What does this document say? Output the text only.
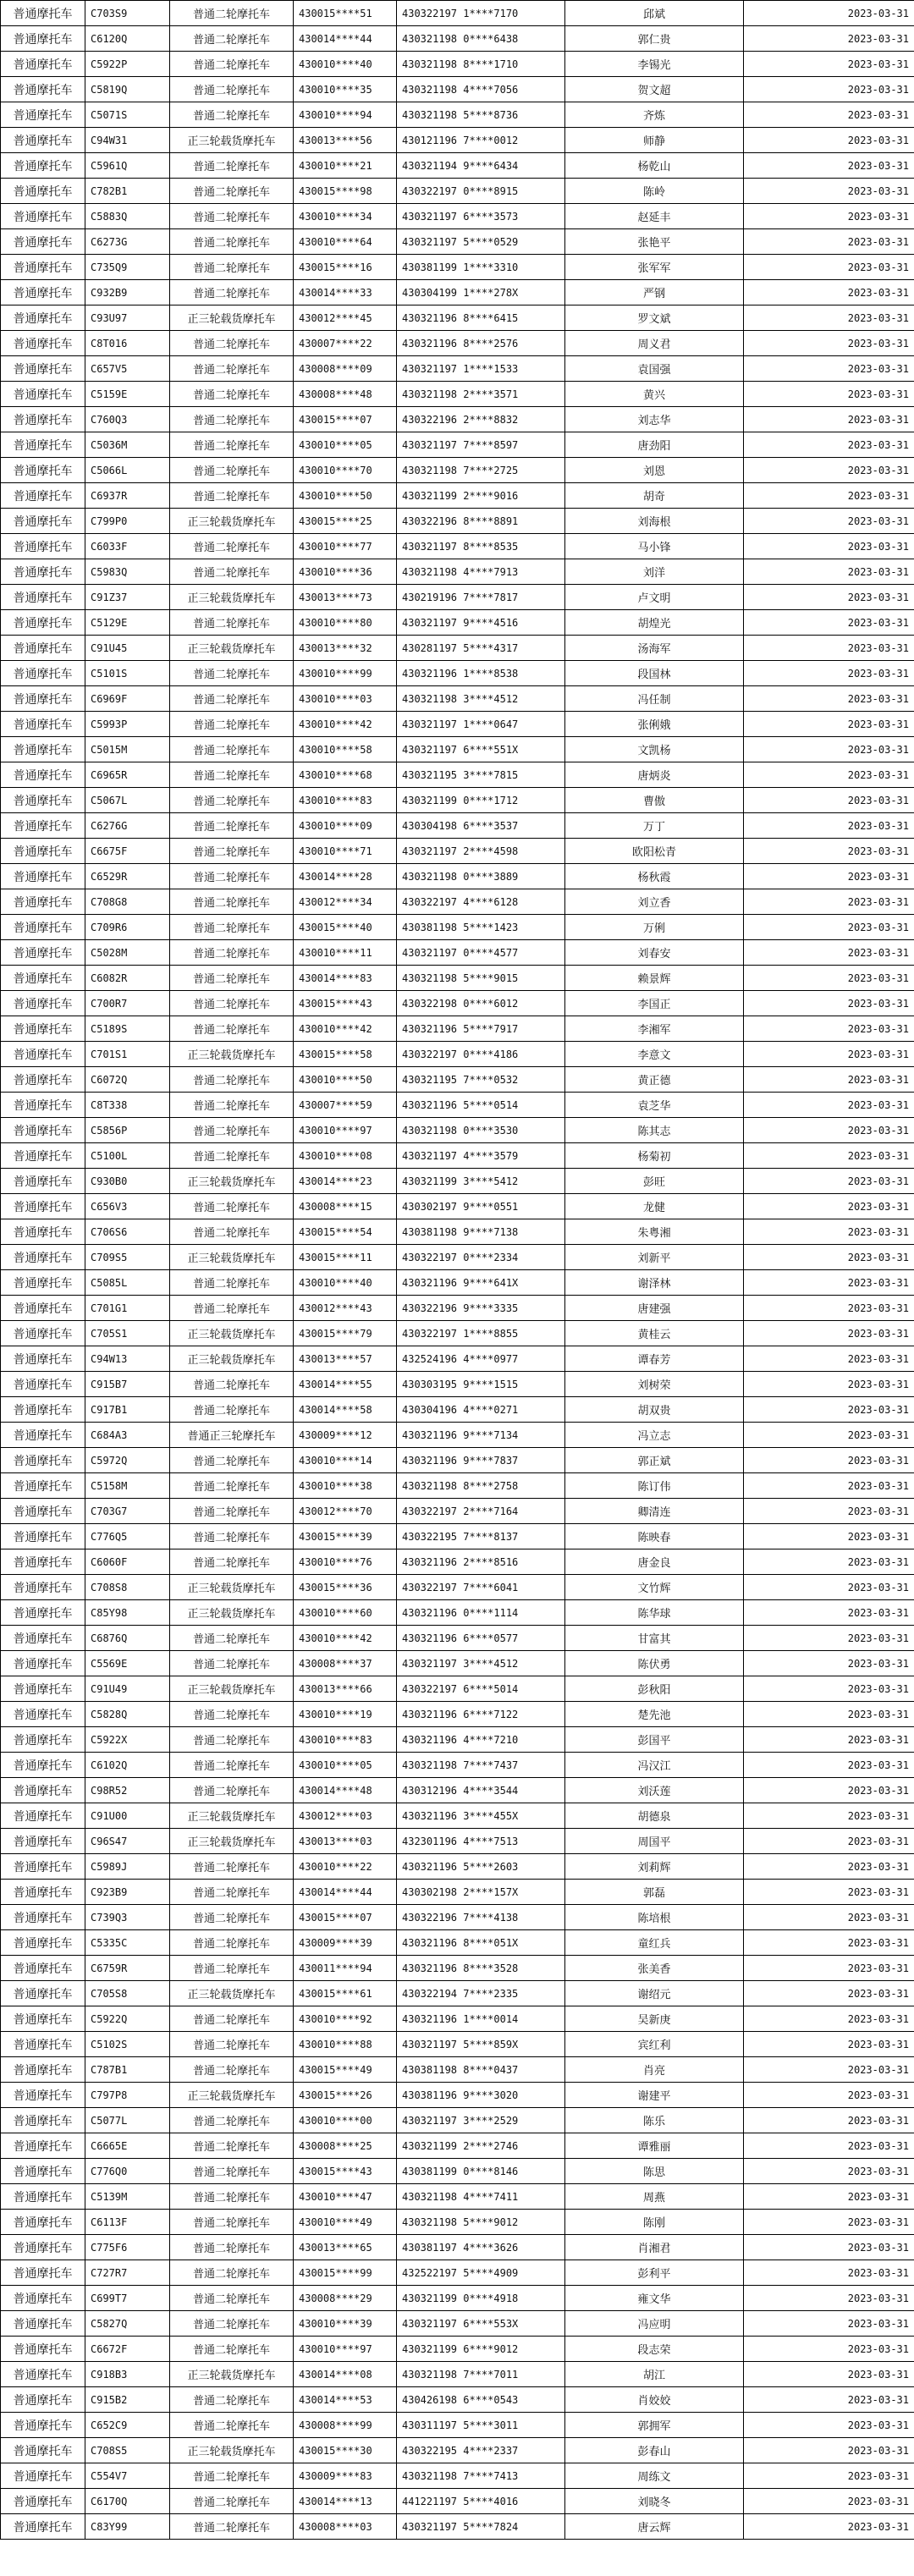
普通摩托车	C703S9	普通二轮摩托车	430015****51	430322197 1****7170	邱斌	2023-03-31
普通摩托车	C6120Q	普通二轮摩托车	430014****44	430321198 0****6438	郭仁贵	2023-03-31
普通摩托车	C5922P	普通二轮摩托车	430010****40	430321198 8****1710	李锡光	2023-03-31
普通摩托车	C5819Q	普通二轮摩托车	430010****35	430321198 4****7056	贺文超	2023-03-31
普通摩托车	C5071S	普通二轮摩托车	430010****94	430321198 5****8736	齐炼	2023-03-31
普通摩托车	C94W31	正三轮载货摩托车	430013****56	430121196 7****0012	师静	2023-03-31
普通摩托车	C5961Q	普通二轮摩托车	430010****21	430321194 9****6434	杨乾山	2023-03-31
普通摩托车	C782B1	普通二轮摩托车	430015****98	430322197 0****8915	陈岭	2023-03-31
普通摩托车	C5883Q	普通二轮摩托车	430010****34	430321197 6****3573	赵延丰	2023-03-31
普通摩托车	C6273G	普通二轮摩托车	430010****64	430321197 5****0529	张艳平	2023-03-31
普通摩托车	C735Q9	普通二轮摩托车	430015****16	430381199 1****3310	张军军	2023-03-31
普通摩托车	C932B9	普通二轮摩托车	430014****33	430304199 1****278X	严钢	2023-03-31
普通摩托车	C93U97	正三轮载货摩托车	430012****45	430321196 8****6415	罗文斌	2023-03-31
普通摩托车	C8T016	普通二轮摩托车	430007****22	430321196 8****2576	周义君	2023-03-31
普通摩托车	C657V5	普通二轮摩托车	430008****09	430321197 1****1533	袁国强	2023-03-31
普通摩托车	C5159E	普通二轮摩托车	430008****48	430321198 2****3571	黄兴	2023-03-31
普通摩托车	C760Q3	普通二轮摩托车	430015****07	430322196 2****8832	刘志华	2023-03-31
普通摩托车	C5036M	普通二轮摩托车	430010****05	430321197 7****8597	唐劲阳	2023-03-31
普通摩托车	C5066L	普通二轮摩托车	430010****70	430321198 7****2725	刘恩	2023-03-31
普通摩托车	C6937R	普通二轮摩托车	430010****50	430321199 2****9016	胡奇	2023-03-31
普通摩托车	C799P0	正三轮载货摩托车	430015****25	430322196 8****8891	刘海根	2023-03-31
普通摩托车	C6033F	普通二轮摩托车	430010****77	430321197 8****8535	马小锋	2023-03-31
普通摩托车	C5983Q	普通二轮摩托车	430010****36	430321198 4****7913	刘洋	2023-03-31
普通摩托车	C91Z37	正三轮载货摩托车	430013****73	430219196 7****7817	卢文明	2023-03-31
普通摩托车	C5129E	普通二轮摩托车	430010****80	430321197 9****4516	胡煌光	2023-03-31
普通摩托车	C91U45	正三轮载货摩托车	430013****32	430281197 5****4317	汤海军	2023-03-31
普通摩托车	C5101S	普通二轮摩托车	430010****99	430321196 1****8538	段国林	2023-03-31
普通摩托车	C6969F	普通二轮摩托车	430010****03	430321198 3****4512	冯任制	2023-03-31
普通摩托车	C5993P	普通二轮摩托车	430010****42	430321197 1****0647	张俐娥	2023-03-31
普通摩托车	C5015M	普通二轮摩托车	430010****58	430321197 6****551X	文凯杨	2023-03-31
普通摩托车	C6965R	普通二轮摩托车	430010****68	430321195 3****7815	唐炳炎	2023-03-31
普通摩托车	C5067L	普通二轮摩托车	430010****83	430321199 0****1712	曹傲	2023-03-31
普通摩托车	C6276G	普通二轮摩托车	430010****09	430304198 6****3537	万丁	2023-03-31
普通摩托车	C6675F	普通二轮摩托车	430010****71	430321197 2****4598	欧阳松青	2023-03-31
普通摩托车	C6529R	普通二轮摩托车	430014****28	430321198 0****3889	杨秋霞	2023-03-31
普通摩托车	C708G8	普通二轮摩托车	430012****34	430322197 4****6128	刘立香	2023-03-31
普通摩托车	C709R6	普通二轮摩托车	430015****40	430381198 5****1423	万俐	2023-03-31
普通摩托车	C5028M	普通二轮摩托车	430010****11	430321197 0****4577	刘春安	2023-03-31
普通摩托车	C6082R	普通二轮摩托车	430014****83	430321198 5****9015	赖景辉	2023-03-31
普通摩托车	C700R7	普通二轮摩托车	430015****43	430322198 0****6012	李国正	2023-03-31
普通摩托车	C5189S	普通二轮摩托车	430010****42	430321196 5****7917	李湘军	2023-03-31
普通摩托车	C701S1	正三轮载货摩托车	430015****58	430322197 0****4186	李意文	2023-03-31
普通摩托车	C6072Q	普通二轮摩托车	430010****50	430321195 7****0532	黄正德	2023-03-31
普通摩托车	C8T338	普通二轮摩托车	430007****59	430321196 5****0514	袁芝华	2023-03-31
普通摩托车	C5856P	普通二轮摩托车	430010****97	430321198 0****3530	陈其志	2023-03-31
普通摩托车	C5100L	普通二轮摩托车	430010****08	430321197 4****3579	杨菊初	2023-03-31
普通摩托车	C930B0	正三轮载货摩托车	430014****23	430321199 3****5412	彭旺	2023-03-31
普通摩托车	C656V3	普通二轮摩托车	430008****15	430302197 9****0551	龙健	2023-03-31
普通摩托车	C706S6	普通二轮摩托车	430015****54	430381198 9****7138	朱粤湘	2023-03-31
普通摩托车	C709S5	正三轮载货摩托车	430015****11	430322197 0****2334	刘新平	2023-03-31
普通摩托车	C5085L	普通二轮摩托车	430010****40	430321196 9****641X	谢泽林	2023-03-31
普通摩托车	C701G1	普通二轮摩托车	430012****43	430322196 9****3335	唐建强	2023-03-31
普通摩托车	C705S1	正三轮载货摩托车	430015****79	430322197 1****8855	黄桂云	2023-03-31
普通摩托车	C94W13	正三轮载货摩托车	430013****57	432524196 4****0977	谭春芳	2023-03-31
普通摩托车	C915B7	普通二轮摩托车	430014****55	430303195 9****1515	刘树荣	2023-03-31
普通摩托车	C917B1	普通二轮摩托车	430014****58	430304196 4****0271	胡双贵	2023-03-31
普通摩托车	C684A3	普通正三轮摩托车	430009****12	430321196 9****7134	冯立志	2023-03-31
普通摩托车	C5972Q	普通二轮摩托车	430010****14	430321196 9****7837	郭正斌	2023-03-31
普通摩托车	C5158M	普通二轮摩托车	430010****38	430321198 8****2758	陈订伟	2023-03-31
普通摩托车	C703G7	普通二轮摩托车	430012****70	430322197 2****7164	卿清连	2023-03-31
普通摩托车	C776Q5	普通二轮摩托车	430015****39	430322195 7****8137	陈映春	2023-03-31
普通摩托车	C6060F	普通二轮摩托车	430010****76	430321196 2****8516	唐金良	2023-03-31
普通摩托车	C708S8	正三轮载货摩托车	430015****36	430322197 7****6041	文竹辉	2023-03-31
普通摩托车	C85Y98	正三轮载货摩托车	430010****60	430321196 0****1114	陈华球	2023-03-31
普通摩托车	C6876Q	普通二轮摩托车	430010****42	430321196 6****0577	甘富其	2023-03-31
普通摩托车	C5569E	普通二轮摩托车	430008****37	430321197 3****4512	陈伏勇	2023-03-31
普通摩托车	C91U49	正三轮载货摩托车	430013****66	430322197 6****5014	彭秋阳	2023-03-31
普通摩托车	C5828Q	普通二轮摩托车	430010****19	430321196 6****7122	楚先池	2023-03-31
普通摩托车	C5922X	普通二轮摩托车	430010****83	430321196 4****7210	彭国平	2023-03-31
普通摩托车	C6102Q	普通二轮摩托车	430010****05	430321198 7****7437	冯汉江	2023-03-31
普通摩托车	C98R52	普通二轮摩托车	430014****48	430312196 4****3544	刘沃莲	2023-03-31
普通摩托车	C91U00	正三轮载货摩托车	430012****03	430321196 3****455X	胡德泉	2023-03-31
普通摩托车	C96S47	正三轮载货摩托车	430013****03	432301196 4****7513	周国平	2023-03-31
普通摩托车	C5989J	普通二轮摩托车	430010****22	430321196 5****2603	刘莉辉	2023-03-31
普通摩托车	C923B9	普通二轮摩托车	430014****44	430302198 2****157X	郭磊	2023-03-31
普通摩托车	C739Q3	普通二轮摩托车	430015****07	430322196 7****4138	陈培根	2023-03-31
普通摩托车	C5335C	普通二轮摩托车	430009****39	430321196 8****051X	童红兵	2023-03-31
普通摩托车	C6759R	普通二轮摩托车	430011****94	430321196 8****3528	张美香	2023-03-31
普通摩托车	C705S8	正三轮载货摩托车	430015****61	430322194 7****2335	谢绍元	2023-03-31
普通摩托车	C5922Q	普通二轮摩托车	430010****92	430321196 1****0014	吴新庚	2023-03-31
普通摩托车	C5102S	普通二轮摩托车	430010****88	430321197 5****859X	宾红利	2023-03-31
普通摩托车	C787B1	普通二轮摩托车	430015****49	430381198 8****0437	肖亮	2023-03-31
普通摩托车	C797P8	正三轮载货摩托车	430015****26	430381196 9****3020	谢建平	2023-03-31
普通摩托车	C5077L	普通二轮摩托车	430010****00	430321197 3****2529	陈乐	2023-03-31
普通摩托车	C6665E	普通二轮摩托车	430008****25	430321199 2****2746	谭雅丽	2023-03-31
普通摩托车	C776Q0	普通二轮摩托车	430015****43	430381199 0****8146	陈思	2023-03-31
普通摩托车	C5139M	普通二轮摩托车	430010****47	430321198 4****7411	周燕	2023-03-31
普通摩托车	C6113F	普通二轮摩托车	430010****49	430321198 5****9012	陈刚	2023-03-31
普通摩托车	C775F6	普通二轮摩托车	430013****65	430381197 4****3626	肖湘君	2023-03-31
普通摩托车	C727R7	普通二轮摩托车	430015****99	432522197 5****4909	彭利平	2023-03-31
普通摩托车	C699T7	普通二轮摩托车	430008****29	430321199 0****4918	雍文华	2023-03-31
普通摩托车	C5827Q	普通二轮摩托车	430010****39	430321197 6****553X	冯应明	2023-03-31
普通摩托车	C6672F	普通二轮摩托车	430010****97	430321199 6****9012	段志荣	2023-03-31
普通摩托车	C918B3	正三轮载货摩托车	430014****08	430321198 7****7011	胡江	2023-03-31
普通摩托车	C915B2	普通二轮摩托车	430014****53	430426198 6****0543	肖姣姣	2023-03-31
普通摩托车	C652C9	普通二轮摩托车	430008****99	430311197 5****3011	郭拥军	2023-03-31
普通摩托车	C708S5	正三轮载货摩托车	430015****30	430322195 4****2337	彭春山	2023-03-31
普通摩托车	C554V7	普通二轮摩托车	430009****83	430321198 7****7413	周练文	2023-03-31
普通摩托车	C6170Q	普通二轮摩托车	430014****13	441221197 5****4016	刘晓冬	2023-03-31
普通摩托车	C83Y99	普通二轮摩托车	430008****03	430321197 5****7824	唐云辉	2023-03-31
